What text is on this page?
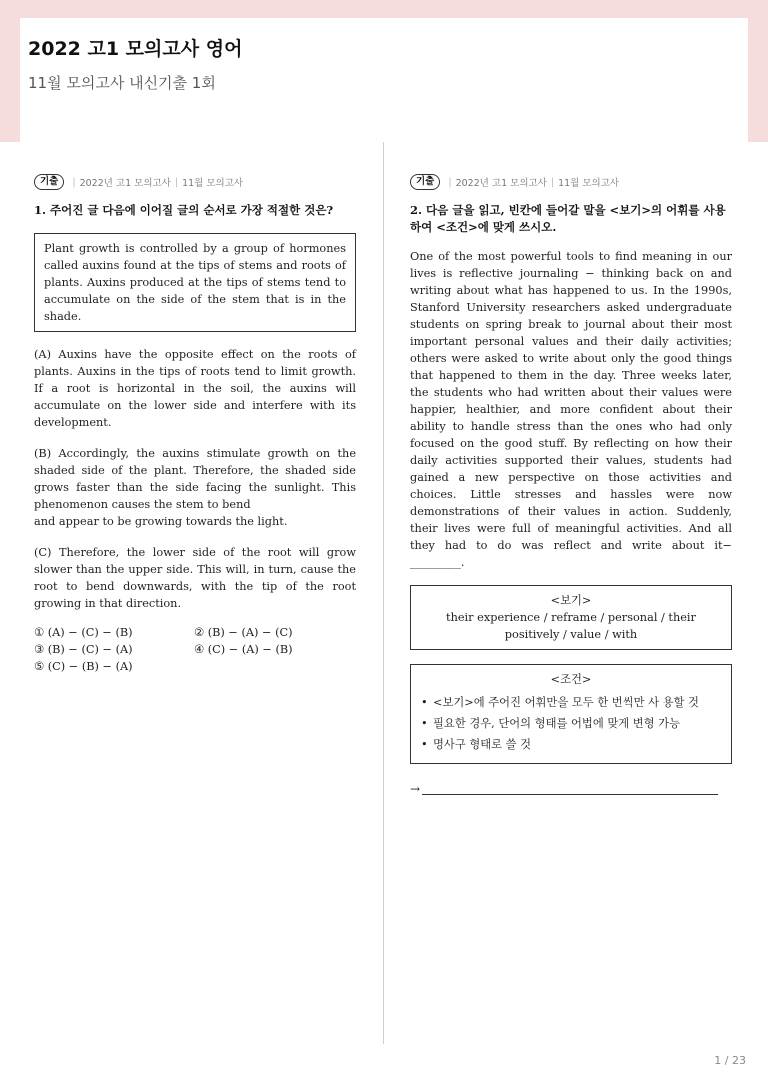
2022 고1 모의고사 영어
11월 모의고사 내신기출 1회
기출	| 2022년 고1 모의고사 | 11월 모의고사
1. 주어진 글 다음에 이어질 글의 순서로 가장 적절한 것은?
Plant growth is controlled by a group of hormones called auxins found at the tips of stems and roots of plants. Auxins produced at the tips of stems tend to accumulate on the side of the stem that is in the shade.
(A) Auxins have the opposite effect on the roots of plants. Auxins in the tips of roots tend to limit growth. If a root is horizontal in the soil, the auxins will accumulate on the lower side and interfere with its development.
(B) Accordingly, the auxins stimulate growth on the shaded side of the plant. Therefore, the shaded side grows faster than the side facing the sunlight. This phenomenon causes the stem to bend
and appear to be growing towards the light.
(C) Therefore, the lower side of the root will grow slower than the upper side. This will, in turn, cause the root to bend downwards, with the tip of the root growing in that direction.
① (A) − (C) − (B)	② (B) − (A) − (C)
③ (B) − (C) − (A)	④ (C) − (A) − (B)
⑤ (C) − (B) − (A)
기출	| 2022년 고1 모의고사 | 11월 모의고사
2. 다음 글을 읽고, 빈칸에 들어갈 말을 <보기>의 어휘를 사용하여 <조건>에 맞게 쓰시오.
One of the most powerful tools to find meaning in our lives is reflective journaling − thinking back on and writing about what has happened to us. In the 1990s, Stanford University researchers asked undergraduate students on spring break to journal about their most important personal values and their daily activities; others were asked to write about only the good things that happened to them in the day. Three weeks later, the students who had written about their values were happier, healthier, and more confident about their ability to handle stress than the ones who had only focused on the good stuff. By reflecting on how their daily activities supported their values, students had gained a new perspective on those activities and choices. Little stresses and hassles were now demonstrations of their values in action. Suddenly, their lives were full of meaningful activities. And all they had to do was reflect and write about it− _________.
<보기>
their experience / reframe / personal / their positively / value / with
<조건>
• <보기>에 주어진 어휘만을 모두 한 번씩만 사 용할 것
• 필요한 경우, 단어의 형태를 어법에 맞게 변형 가능
• 명사구 형태로 쓸 것
→
1 / 23
